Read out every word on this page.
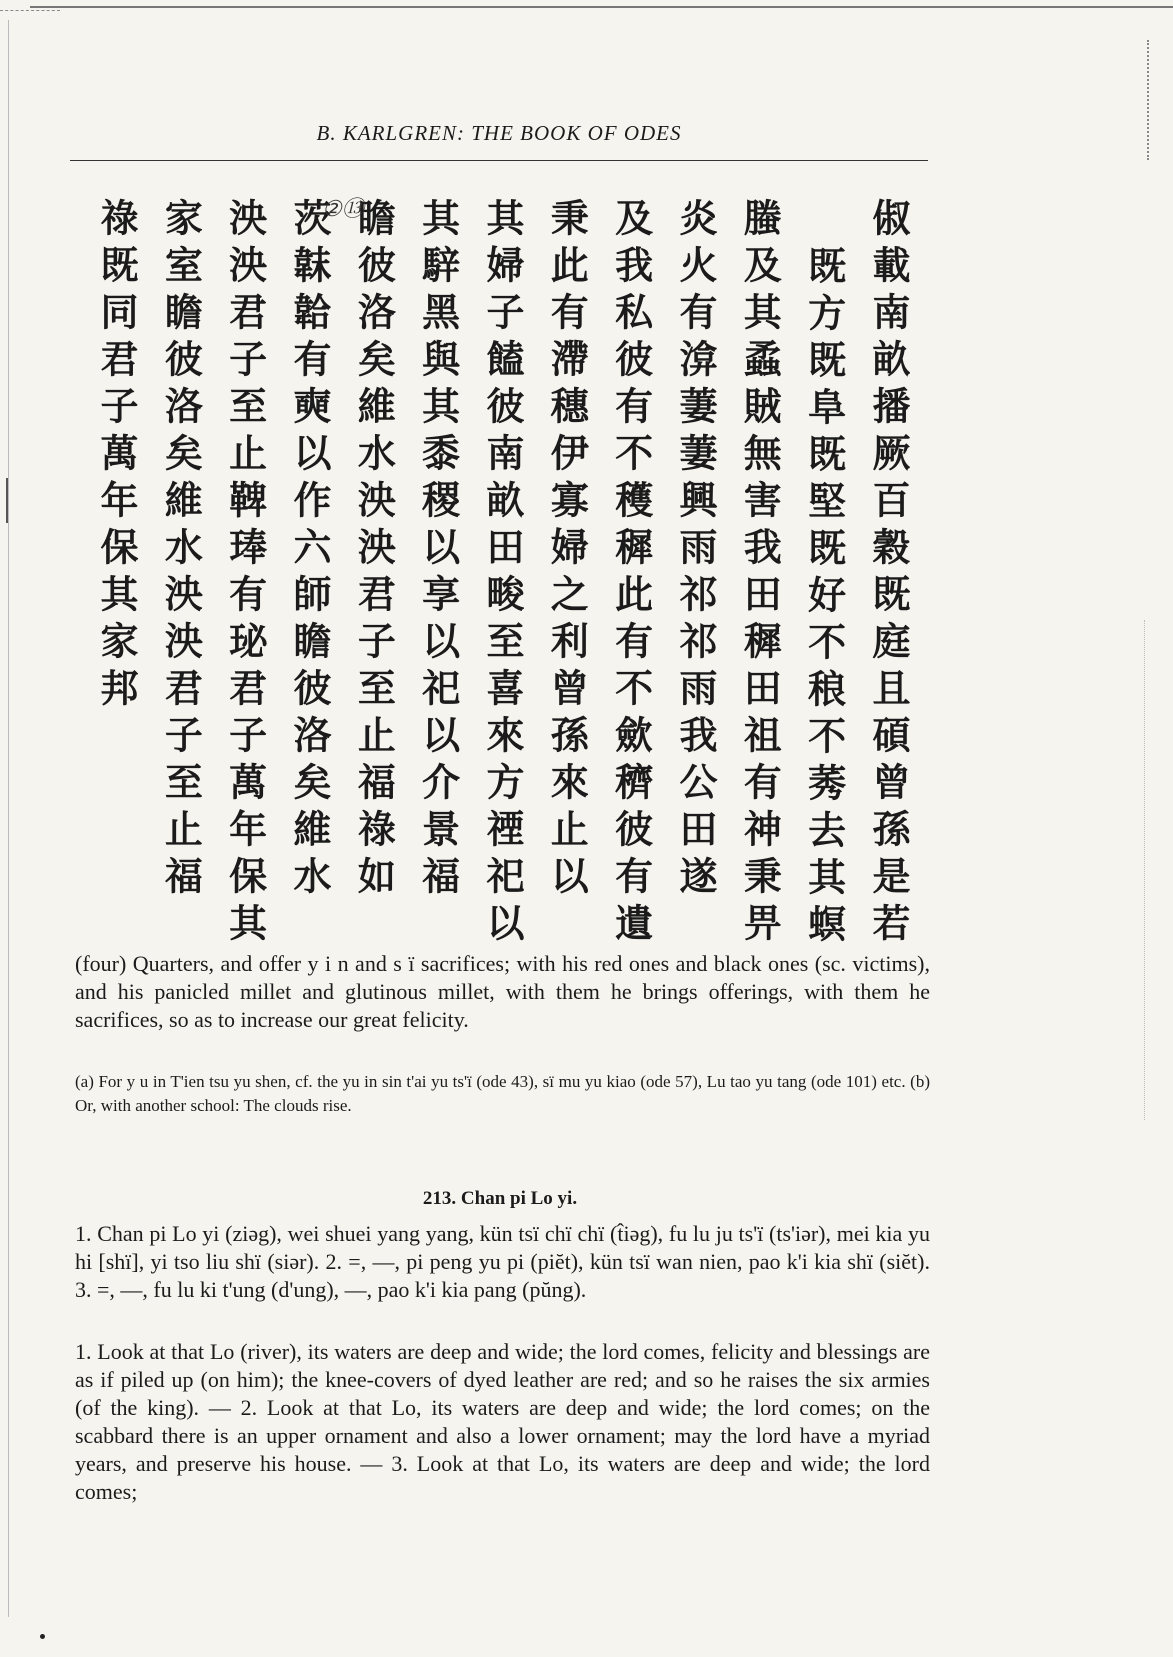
B. KARLGREN: THE BOOK OF ODES
俶載南畝播厥百穀既庭且碩曾孫是若
既方既阜既堅既好不稂不莠去其螟
螣及其蟊賊無害我田穉田祖有神秉畀
炎火有渰萋萋興雨祁祁雨我公田遂
及我私彼有不穫穉此有不歛穧彼有遺
秉此有滯穗伊寡婦之利曾孫來止以
其婦子饁彼南畝田畯至喜來方禋祀以
其騂黑與其黍稷以享以祀以介景福
瞻彼洛矣維水泱泱君子至止福祿如
茨韎韐有奭以作六師瞻彼洛矣維水
泱泱君子至止鞞琫有珌君子萬年保其
家室瞻彼洛矣維水泱泱君子至止福
祿既同君子萬年保其家邦	②⑬

(four) Quarters, and offer y i n and s ï sacrifices; with his red ones and black ones (sc. victims), and his panicled millet and glutinous millet, with them he brings offerings, with them he sacrifices, so as to increase our great felicity.

(a) For y u in T'ien tsu yu shen, cf. the yu in sin t'ai yu ts'ï (ode 43), sï mu yu kiao (ode 57), Lu tao yu tang (ode 101) etc. (b) Or, with another school: The clouds rise.

213. Chan pi Lo yi.

1. Chan pi Lo yi (ziəg), wei shuei yang yang, kün tsï chï chï (t̂iəg), fu lu ju ts'ï (ts'iər), mei kia yu hi [shï], yi tso liu shï (siər). 2. =, —, pi peng yu pi (piĕt), kün tsï wan nien, pao k'i kia shï (siĕt). 3. =, —, fu lu ki t'ung (d'ung), —, pao k'i kia pang (pŭng).

1. Look at that Lo (river), its waters are deep and wide; the lord comes, felicity and blessings are as if piled up (on him); the knee-covers of dyed leather are red; and so he raises the six armies (of the king). — 2. Look at that Lo, its waters are deep and wide; the lord comes; on the scabbard there is an upper ornament and also a lower ornament; may the lord have a myriad years, and preserve his house. — 3. Look at that Lo, its waters are deep and wide; the lord comes;
